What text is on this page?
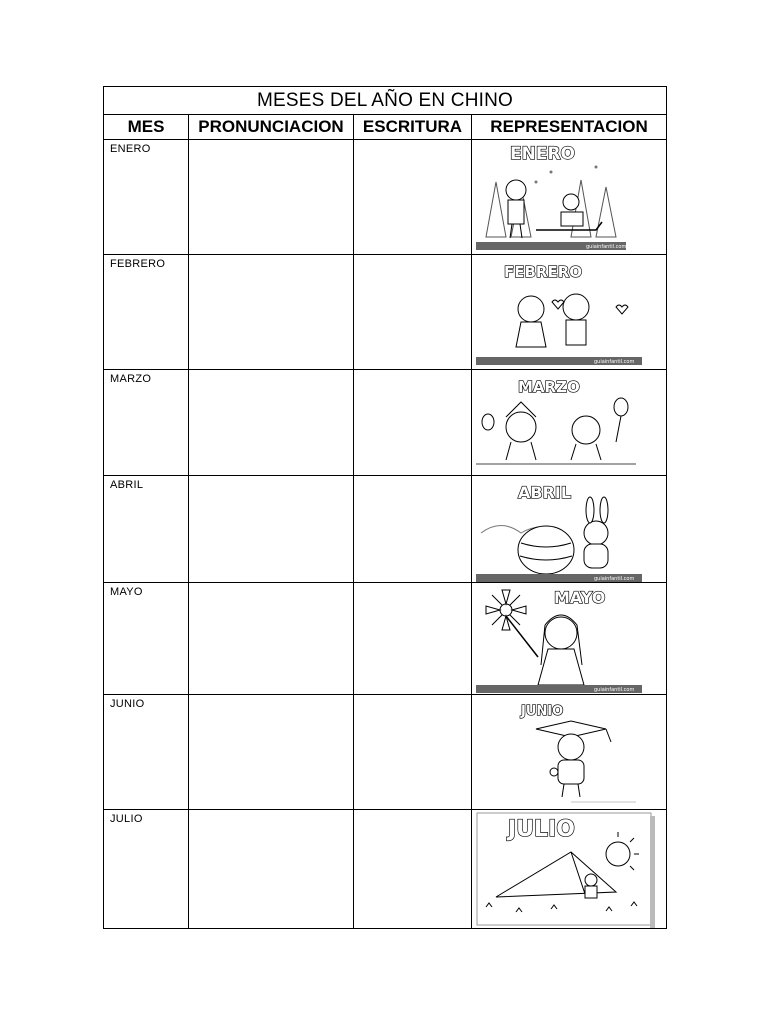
MESES DEL AÑO EN CHINO			
MES	PRONUNCIACION	ESCRITURA	REPRESENTACION
ENERO			ENERO
guiainfantil.com

FEBRERO			FEBRERO
guiainfantil.com

MARZO			MARZO

ABRIL			ABRIL
guiainfantil.com

MAYO			MAYO
guiainfantil.com

JUNIO			JUNIO

JULIO			JULIO
